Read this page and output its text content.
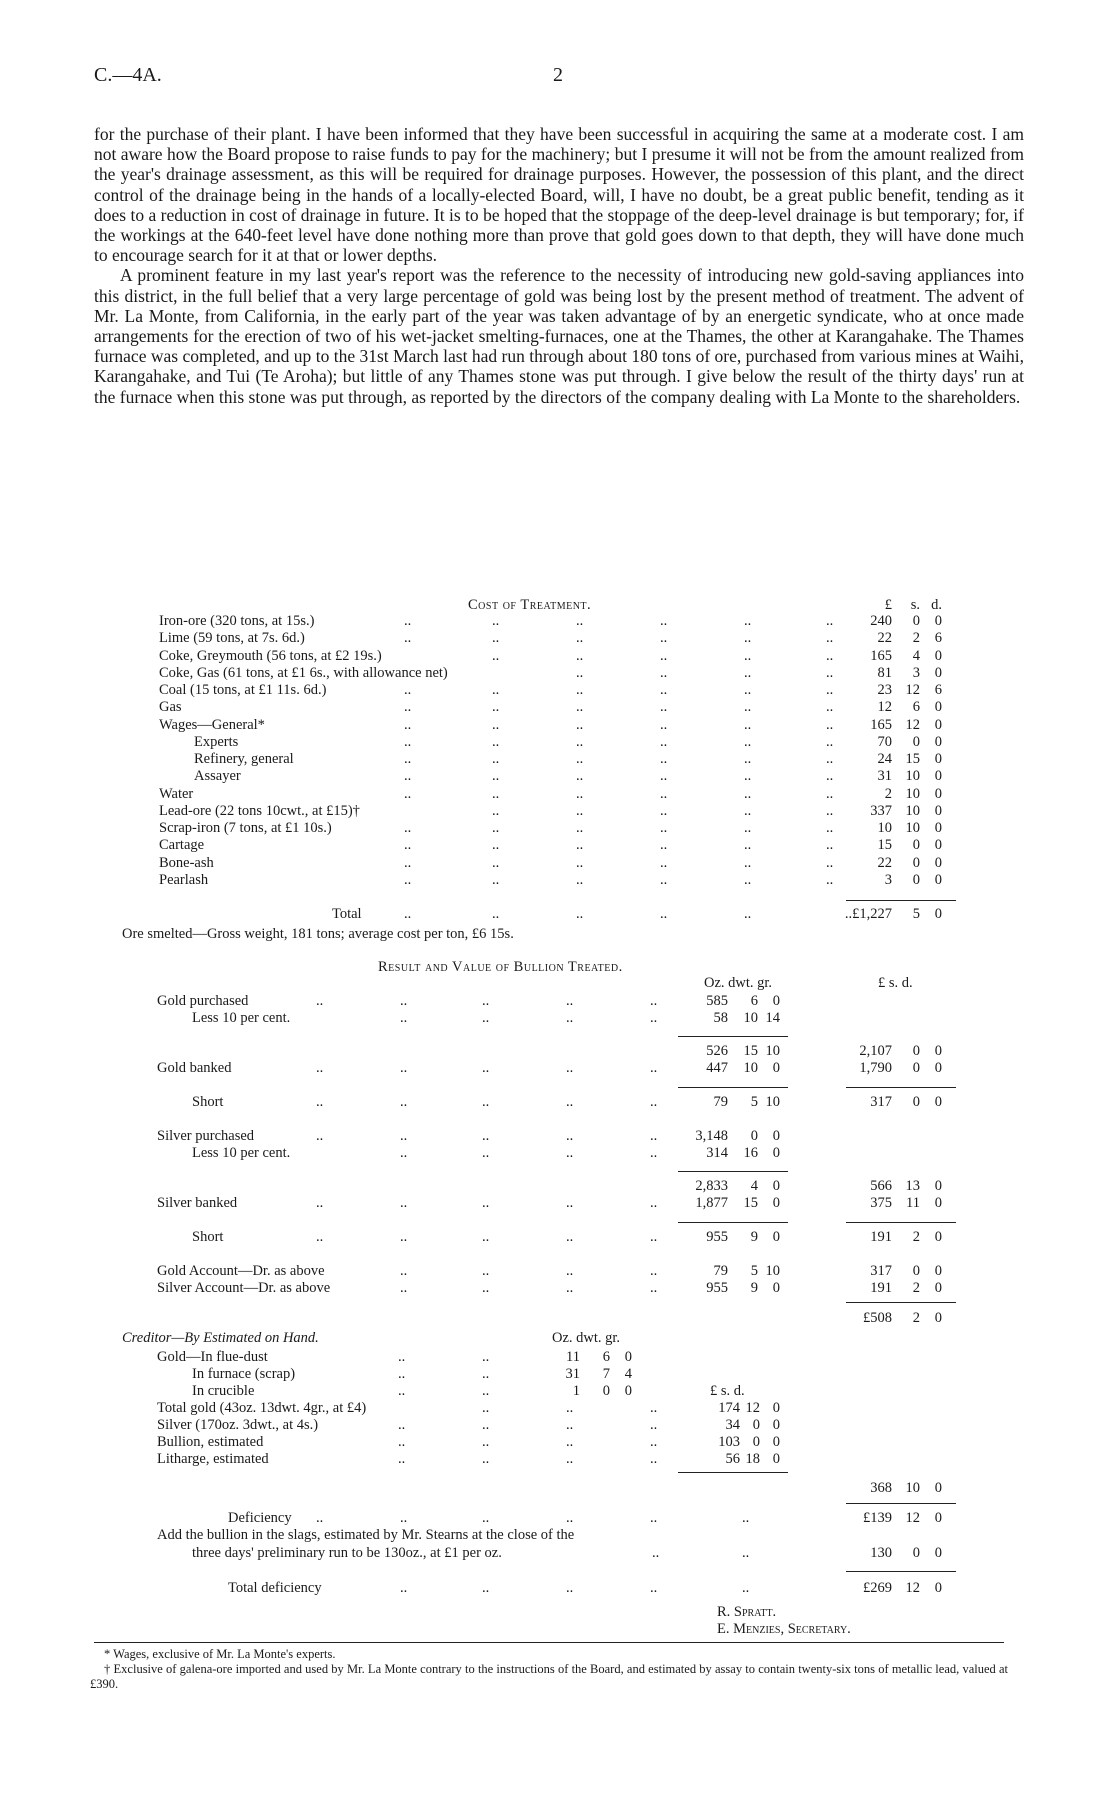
C.—4A.	2

for the purchase of their plant. I have been informed that they have been successful in acquiring the same at a moderate cost. I am not aware how the Board propose to raise funds to pay for the machinery; but I presume it will not be from the amount realized from the year's drainage assessment, as this will be required for drainage purposes. However, the possession of this plant, and the direct control of the drainage being in the hands of a locally-elected Board, will, I have no doubt, be a great public benefit, tending as it does to a reduction in cost of drainage in future. It is to be hoped that the stoppage of the deep-level drainage is but temporary; for, if the workings at the 640-feet level have done nothing more than prove that gold goes down to that depth, they will have done much to encourage search for it at that or lower depths.

A prominent feature in my last year's report was the reference to the necessity of introducing new gold-saving appliances into this district, in the full belief that a very large percentage of gold was being lost by the present method of treatment. The advent of Mr. La Monte, from California, in the early part of the year was taken advantage of by an energetic syndicate, who at once made arrangements for the erection of two of his wet-jacket smelting-furnaces, one at the Thames, the other at Karangahake. The Thames furnace was completed, and up to the 31st March last had run through about 180 tons of ore, purchased from various mines at Waihi, Karangahake, and Tui (Te Aroha); but little of any Thames stone was put through. I give below the result of the thirty days' run at the furnace when this stone was put through, as reported by the directors of the company dealing with La Monte to the shareholders.

Cost of Treatment.	£	s. d.
Iron-ore (320 tons, at 15s.)	..	..	..	..	..	..	240	0	0
Lime (59 tons, at 7s. 6d.)	..	..	..	..	..	..	22	2	6
Coke, Greymouth (56 tons, at £2 19s.)	..	..	..	..	..	165	4	0
Coke, Gas (61 tons, at £1 6s., with allowance net)	..	..	..	..	81	3	0
Coal (15 tons, at £1 11s. 6d.)	..	..	..	..	..	..	23 12	6
Gas	..	..	..	..	..	..	12	6	0
Wages—General*	..	..	..	..	..	..	165 12	0
Experts	..	..	..	..	..	..	70	0	0
Refinery, general	..	..	..	..	..	..	24 15	0
Assayer	..	..	..	..	..	..	31 10	0
Water	..	..	..	..	..	..	2 10	0
Lead-ore (22 tons 10cwt., at £15)†	..	..	..	..	..	337 10	0
Scrap-iron (7 tons, at £1 10s.)	..	..	..	..	..	..	10 10	0
Cartage	..	..	..	..	..	..	15	0	0
Bone-ash	..	..	..	..	..	..	22	0	0
Pearlash	..	..	..	..	..	..	3	0	0
Total	..	..	..	..	..	..£1,227	5	0
Ore smelted—Gross weight, 181 tons; average cost per ton, £6 15s.
Result and Value of Bullion Treated.
Oz. dwt. gr.	£ s. d.
Gold purchased	..	..	..	..	..	585	6	0
Less 10 per cent.	..	..	..	..	58	10 14
526	15 10	2,107	0	0
Gold banked	..	..	..	..	..	447	10	0	1,790	0	0
Short	..	..	..	..	..	79	5 10	317	0	0
Silver purchased	..	..	..	..	..	3,148	0	0
Less 10 per cent.	..	..	..	..	314	16	0
2,833	4	0	566 13	0
Silver banked	..	..	..	..	..	1,877	15	0	375 11	0
Short	..	..	..	..	..	955	9	0	191	2	0
Gold Account—Dr. as above	..	..	..	..	79	5 10	317	0	0
Silver Account—Dr. as above	..	..	..	..	955	9	0	191	2	0
£508	2	0
Creditor—By Estimated on Hand.	Oz. dwt. gr.
Gold—In flue-dust	..	..	11	6	0
In furnace (scrap)	..	..	31	7	4
In crucible	..	..	1	0	0	£ s. d.
Total gold (43oz. 13dwt. 4gr., at £4)	..	..	..	174 12 0
Silver (170oz. 3dwt., at 4s.)	..	..	..	..	34 0 0
Bullion, estimated	..	..	..	..	103 0 0
Litharge, estimated	..	..	..	..	56 18 0
368 10	0
Deficiency ..	..	..	..	..	..	£139 12	0
Add the bullion in the slags, estimated by Mr. Stearns at the close of the
three days' preliminary run to be 130oz., at £1 per oz.	..	..	130	0	0
Total deficiency	..	..	..	..	..	£269 12	0
R. Spratt.
E. Menzies, Secretary.
* Wages, exclusive of Mr. La Monte's experts.
† Exclusive of galena-ore imported and used by Mr. La Monte contrary to the instructions of the Board, and estimated by assay to contain twenty-six tons of metallic lead, valued at £390.
